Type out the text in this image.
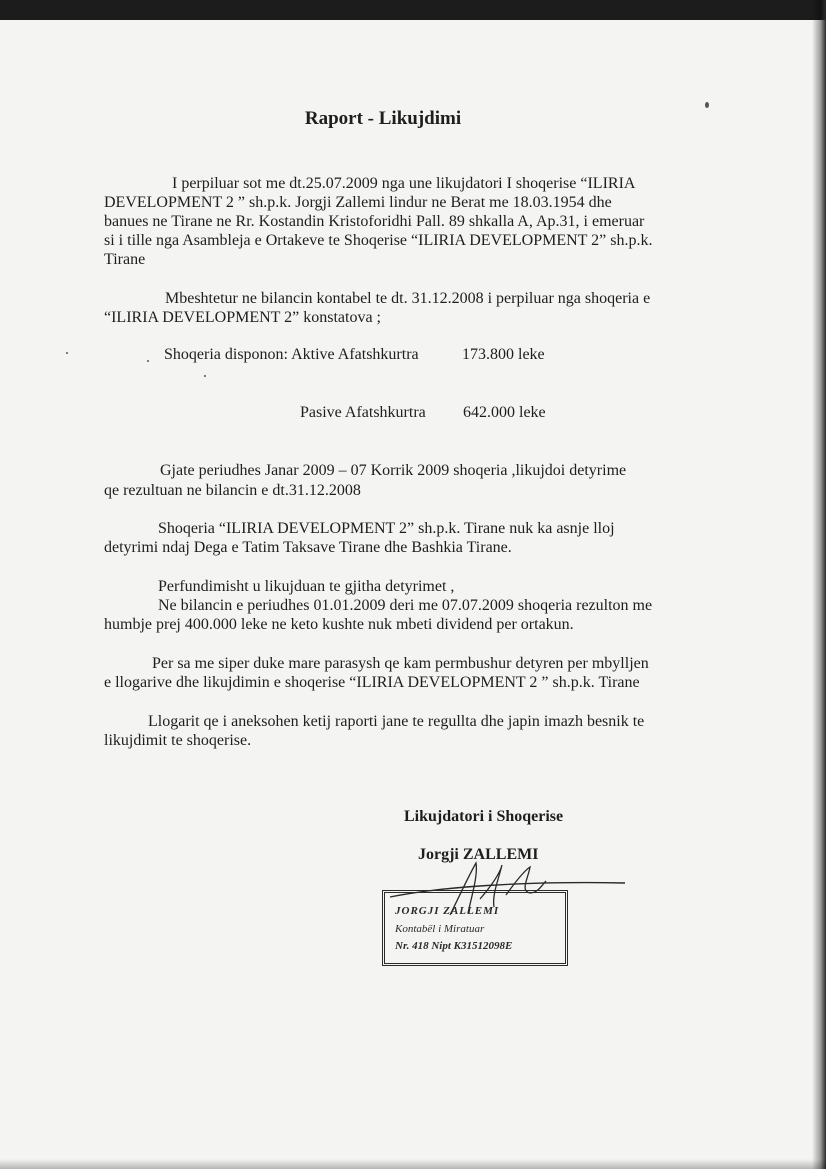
Raport - Likujdimi
I perpiluar sot me dt.25.07.2009 nga une likujdatori I shoqerise “ILIRIA
DEVELOPMENT 2 ” sh.p.k. Jorgji Zallemi lindur ne Berat me 18.03.1954 dhe
banues ne Tirane ne Rr. Kostandin Kristoforidhi Pall. 89 shkalla A, Ap.31, i emeruar
si i tille nga Asambleja e Ortakeve te Shoqerise “ILIRIA DEVELOPMENT 2” sh.p.k.
Tirane
Mbeshtetur ne bilancin kontabel te dt. 31.12.2008 i perpiluar nga shoqeria e
“ILIRIA DEVELOPMENT 2” konstatova ;
Shoqeria disponon: Aktive Afatshkurtra	173.800 leke
Pasive Afatshkurtra 642.000 leke
Gjate periudhes Janar 2009 – 07 Korrik 2009 shoqeria ,likujdoi detyrime
qe rezultuan ne bilancin e dt.31.12.2008
Shoqeria “ILIRIA DEVELOPMENT 2” sh.p.k. Tirane nuk ka asnje lloj
detyrimi ndaj Dega e Tatim Taksave Tirane dhe Bashkia Tirane.
Perfundimisht u likujduan te gjitha detyrimet ,
Ne bilancin e periudhes 01.01.2009 deri me 07.07.2009 shoqeria rezulton me
humbje prej 400.000 leke ne keto kushte nuk mbeti dividend per ortakun.
Per sa me siper duke mare parasysh qe kam permbushur detyren per mbylljen
e llogarive dhe likujdimin e shoqerise “ILIRIA DEVELOPMENT 2 ” sh.p.k. Tirane
Llogarit qe i aneksohen ketij raporti jane te regullta dhe japin imazh besnik te
likujdimit te shoqerise.
Likujdatori i Shoqerise
Jorgji ZALLEMI
JORGJI ZALLEMI
Kontabël i Miratuar
Nr. 418 Nipt K31512098E
